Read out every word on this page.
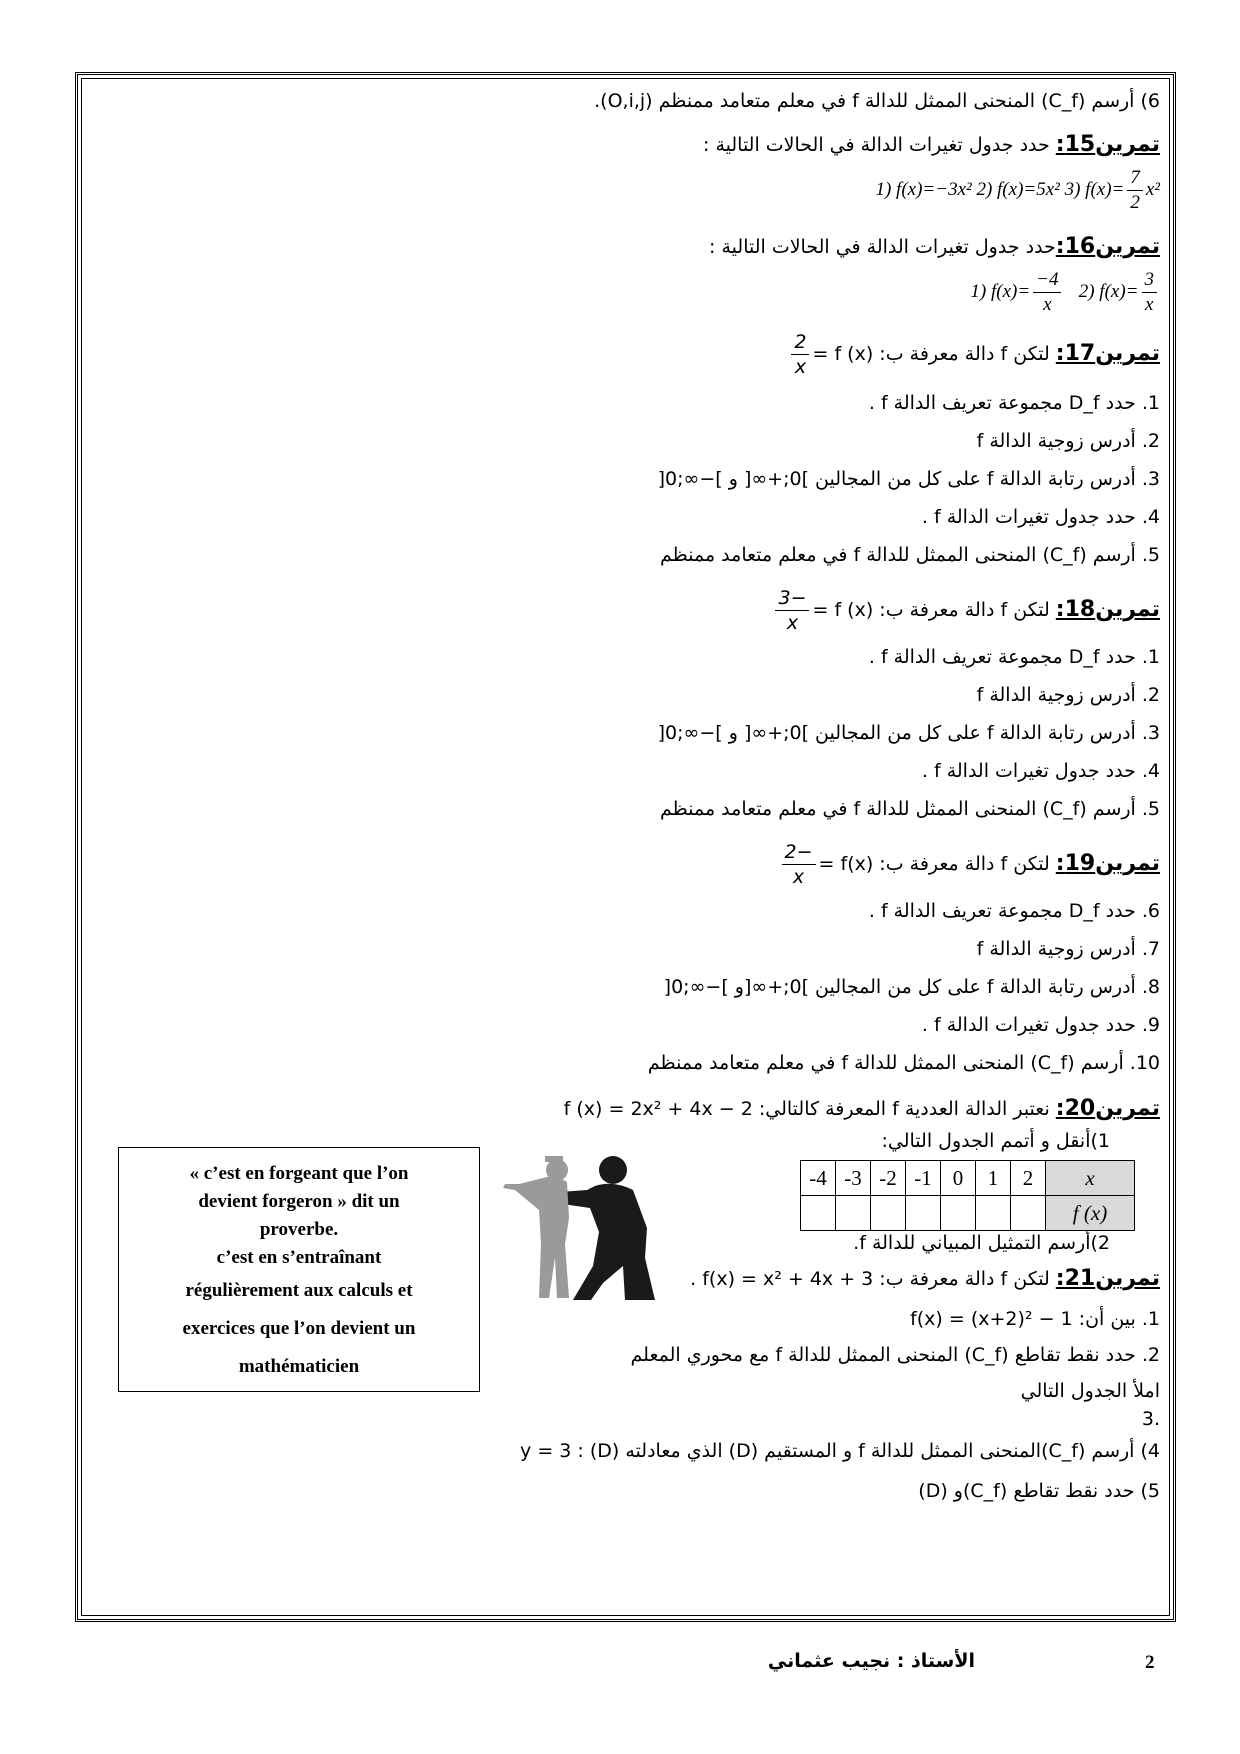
6) أرسم (C_f) المنحنى الممثل للدالة f في معلم متعامد ممنظم (O,i,j).
تمرين15: حدد جدول تغيرات الدالة في الحالات التالية :
1) f(x)=−3x² 2) f(x)=5x² 3) $f(x)= \frac{7}{2} x^2$
تمرين16:حدد جدول تغيرات الدالة في الحالات التالية :
1) $f(x)= \frac{-4}{x} 2$) $f(x)= \frac{3}{x}$
تمرين17: لتكن f دالة معرفة ب: f (x) =
$\frac{2}{x}$
1. حدد D_f مجموعة تعريف الدالة f .
2. أدرس زوجية الدالة f
3. أدرس رتابة الدالة f على كل من المجالين ]0;+∞[ و ]−∞;0[
4. حدد جدول تغيرات الدالة f .
5. أرسم (C_f) المنحنى الممثل للدالة f في معلم متعامد ممنظم
تمرين18: لتكن f دالة معرفة ب: f (x) =
$\frac{-3}{x}$
1. حدد D_f مجموعة تعريف الدالة f .
2. أدرس زوجية الدالة f
3. أدرس رتابة الدالة f على كل من المجالين ]0;+∞[ و ]−∞;0[
4. حدد جدول تغيرات الدالة f .
5. أرسم (C_f) المنحنى الممثل للدالة f في معلم متعامد ممنظم
تمرين19: لتكن f دالة معرفة ب: f(x) =
$\frac{-2}{x}$
6. حدد D_f مجموعة تعريف الدالة f .
7. أدرس زوجية الدالة f
8. أدرس رتابة الدالة f على كل من المجالين ]0;+∞[و ]−∞;0[
9. حدد جدول تغيرات الدالة f .
10. أرسم (C_f) المنحنى الممثل للدالة f في معلم متعامد ممنظم
تمرين20: نعتبر الدالة العددية f المعرفة كالتالي: f (x) = 2x² + 4x − 2
1)أنقل و أتمم الجدول التالي:
2)أرسم التمثيل المبياني للدالة f.
تمرين21: لتكن f دالة معرفة ب: f(x) = x² + 4x + 3 .
1. بين أن: f(x) = (x+2)² − 1
2. حدد نقط تقاطع (C_f) المنحنى الممثل للدالة f مع محوري المعلم
املأ الجدول التالي
.3
4) أرسم (C_f)المنحنى الممثل للدالة f و المستقيم (D) الذي معادلته (D) : y = 3
5) حدد نقط تقاطع (C_f)و (D)
-4	-3	-2	-1	0	1	2	x
							f (x)
« c’est en forgeant que l’on
devient forgeron » dit un
proverbe.
c’est en s’entraînant
régulièrement aux calculs et
exercices que l’on devient un
mathématicien
الأستاذ : نجيب عثماني	2
